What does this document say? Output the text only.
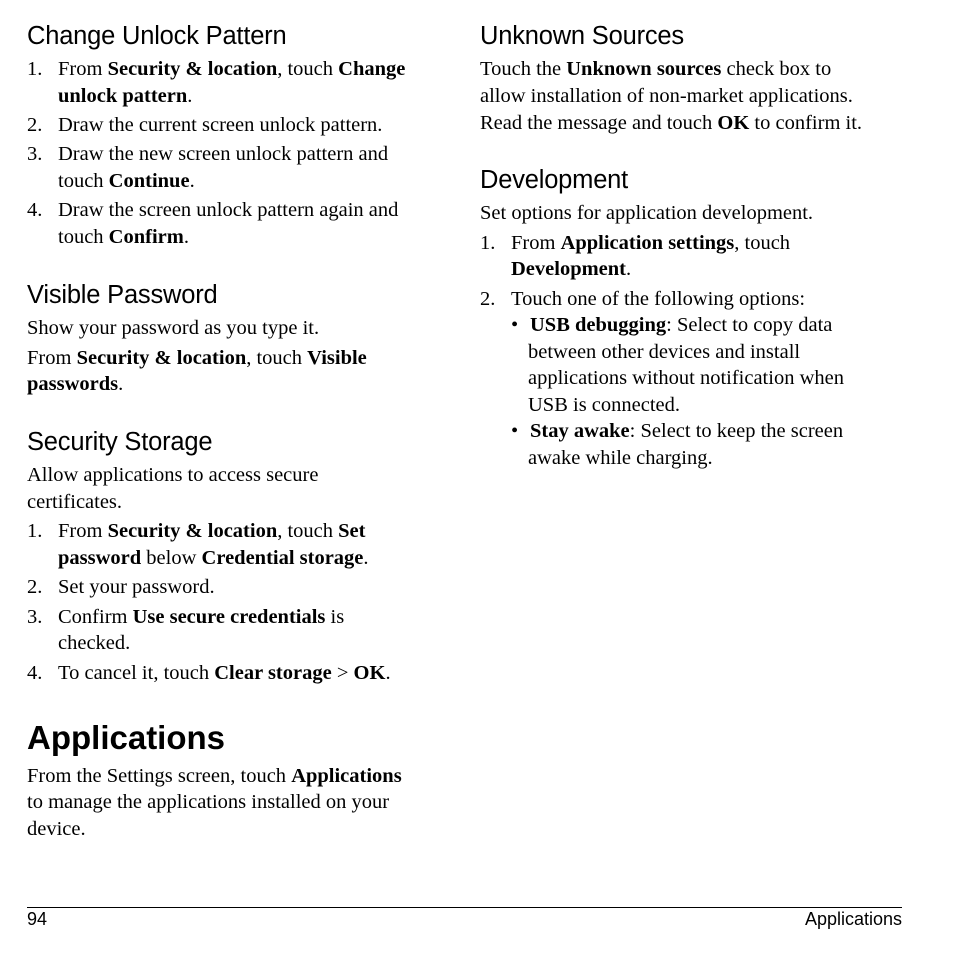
Change Unlock Pattern
1. From Security & location, touch Change
unlock pattern.
2. Draw the current screen unlock pattern.
3. Draw the new screen unlock pattern and
touch Continue.
4. Draw the screen unlock pattern again and
touch Confirm.
Visible Password
Show your password as you type it.
From Security & location, touch Visible
passwords.
Security Storage
Allow applications to access secure
certificates.
1. From Security & location, touch Set
password below Credential storage.
2. Set your password.
3. Confirm Use secure credentials is
checked.
4. To cancel it, touch Clear storage > OK.
Applications
From the Settings screen, touch Applications
to manage the applications installed on your
device.
Unknown Sources
Touch the Unknown sources check box to
allow installation of non-market applications.
Read the message and touch OK to confirm it.
Development
Set options for application development.
1. From Application settings, touch
Development.
2. Touch one of the following options:
• USB debugging: Select to copy data
between other devices and install
applications without notification when
USB is connected.
• Stay awake: Select to keep the screen
awake while charging.
94	Applications
